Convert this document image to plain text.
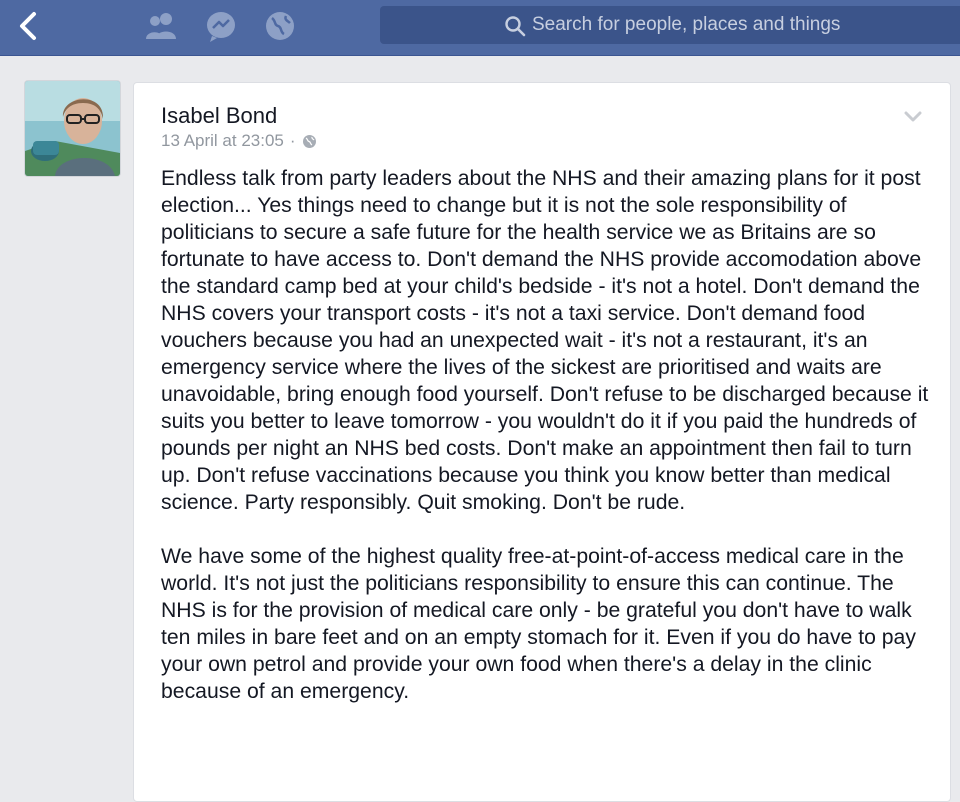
Search for people, places and things
Isabel Bond
13 April at 23:05 ·

Endless talk from party leaders about the NHS and their amazing plans for it post election... Yes things need to change but it is not the sole responsibility of politicians to secure a safe future for the health service we as Britains are so fortunate to have access to. Don't demand the NHS provide accomodation above the standard camp bed at your child's bedside - it's not a hotel. Don't demand the NHS covers your transport costs - it's not a taxi service. Don't demand food vouchers because you had an unexpected wait - it's not a restaurant, it's an emergency service where the lives of the sickest are prioritised and waits are unavoidable, bring enough food yourself. Don't refuse to be discharged because it suits you better to leave tomorrow - you wouldn't do it if you paid the hundreds of pounds per night an NHS bed costs. Don't make an appointment then fail to turn up. Don't refuse vaccinations because you think you know better than medical science. Party responsibly. Quit smoking. Don't be rude.

We have some of the highest quality free-at-point-of-access medical care in the world. It's not just the politicians responsibility to ensure this can continue. The NHS is for the provision of medical care only - be grateful you don't have to walk ten miles in bare feet and on an empty stomach for it. Even if you do have to pay your own petrol and provide your own food when there's a delay in the clinic because of an emergency.
